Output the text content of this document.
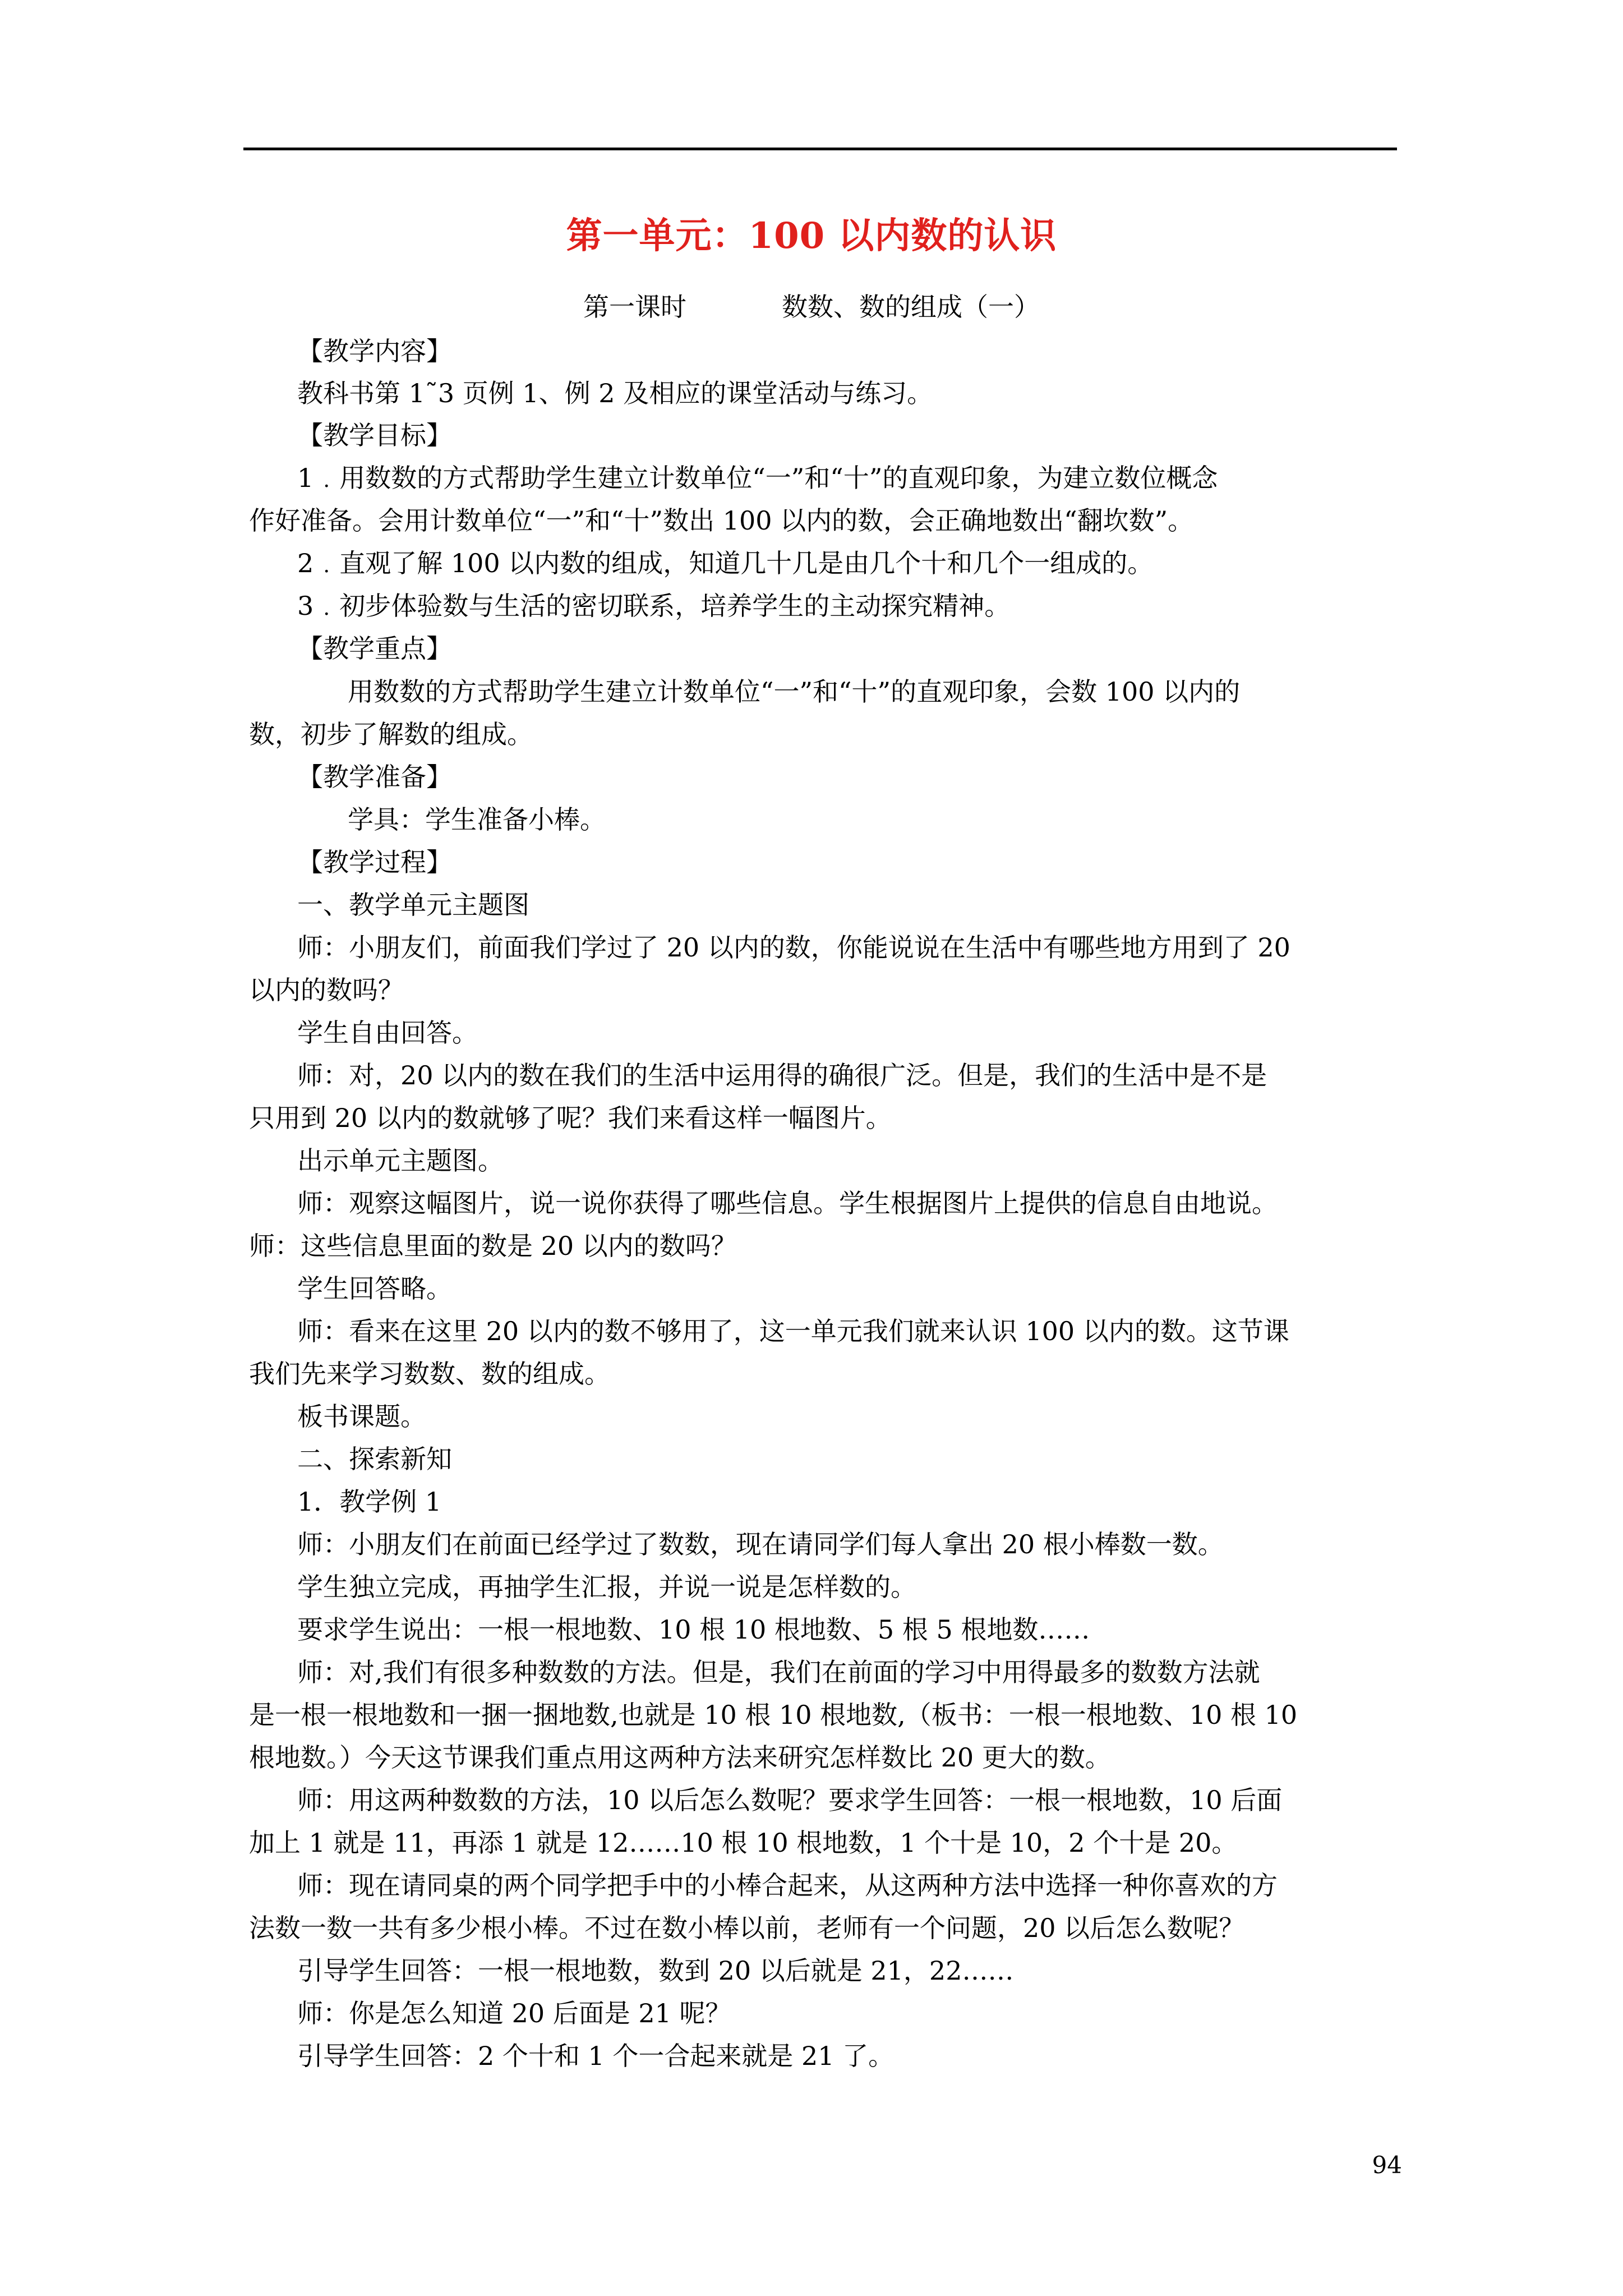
第一单元：100 以内数的认识
第一课时	数数、数的组成（一）
【教学内容】
教科书第 1˜3 页例 1、例 2 及相应的课堂活动与练习。
【教学目标】
1﹒用数数的方式帮助学生建立计数单位“一”和“十”的直观印象，为建立数位概念
作好准备。会用计数单位“一”和“十”数出 100 以内的数，会正确地数出“翻坎数”。
2﹒直观了解 100 以内数的组成，知道几十几是由几个十和几个一组成的。
3﹒初步体验数与生活的密切联系，培养学生的主动探究精神。
【教学重点】
用数数的方式帮助学生建立计数单位“一”和“十”的直观印象，会数 100 以内的
数，初步了解数的组成。
【教学准备】
学具：学生准备小棒。
【教学过程】
一、教学单元主题图
师：小朋友们，前面我们学过了 20 以内的数，你能说说在生活中有哪些地方用到了 20
以内的数吗？
学生自由回答。
师：对，20 以内的数在我们的生活中运用得的确很广泛。但是，我们的生活中是不是
只用到 20 以内的数就够了呢？我们来看这样一幅图片。
出示单元主题图。
师：观察这幅图片，说一说你获得了哪些信息。学生根据图片上提供的信息自由地说。
师：这些信息里面的数是 20 以内的数吗？
学生回答略。
师：看来在这里 20 以内的数不够用了，这一单元我们就来认识 100 以内的数。这节课
我们先来学习数数、数的组成。
板书课题。
二、探索新知
1．教学例 1
师：小朋友们在前面已经学过了数数，现在请同学们每人拿出 20 根小棒数一数。
学生独立完成，再抽学生汇报，并说一说是怎样数的。
要求学生说出：一根一根地数、10 根 10 根地数、5 根 5 根地数……
师：对,我们有很多种数数的方法。但是，我们在前面的学习中用得最多的数数方法就
是一根一根地数和一捆一捆地数,也就是 10 根 10 根地数,（板书：一根一根地数、10 根 10
根地数。）今天这节课我们重点用这两种方法来研究怎样数比 20 更大的数。
师：用这两种数数的方法，10 以后怎么数呢？要求学生回答：一根一根地数，10 后面
加上 1 就是 11，再添 1 就是 12……10 根 10 根地数，1 个十是 10，2 个十是 20。
师：现在请同桌的两个同学把手中的小棒合起来，从这两种方法中选择一种你喜欢的方
法数一数一共有多少根小棒。不过在数小棒以前，老师有一个问题，20 以后怎么数呢？
引导学生回答：一根一根地数，数到 20 以后就是 21，22……
师：你是怎么知道 20 后面是 21 呢？
引导学生回答：2 个十和 1 个一合起来就是 21 了。
94
